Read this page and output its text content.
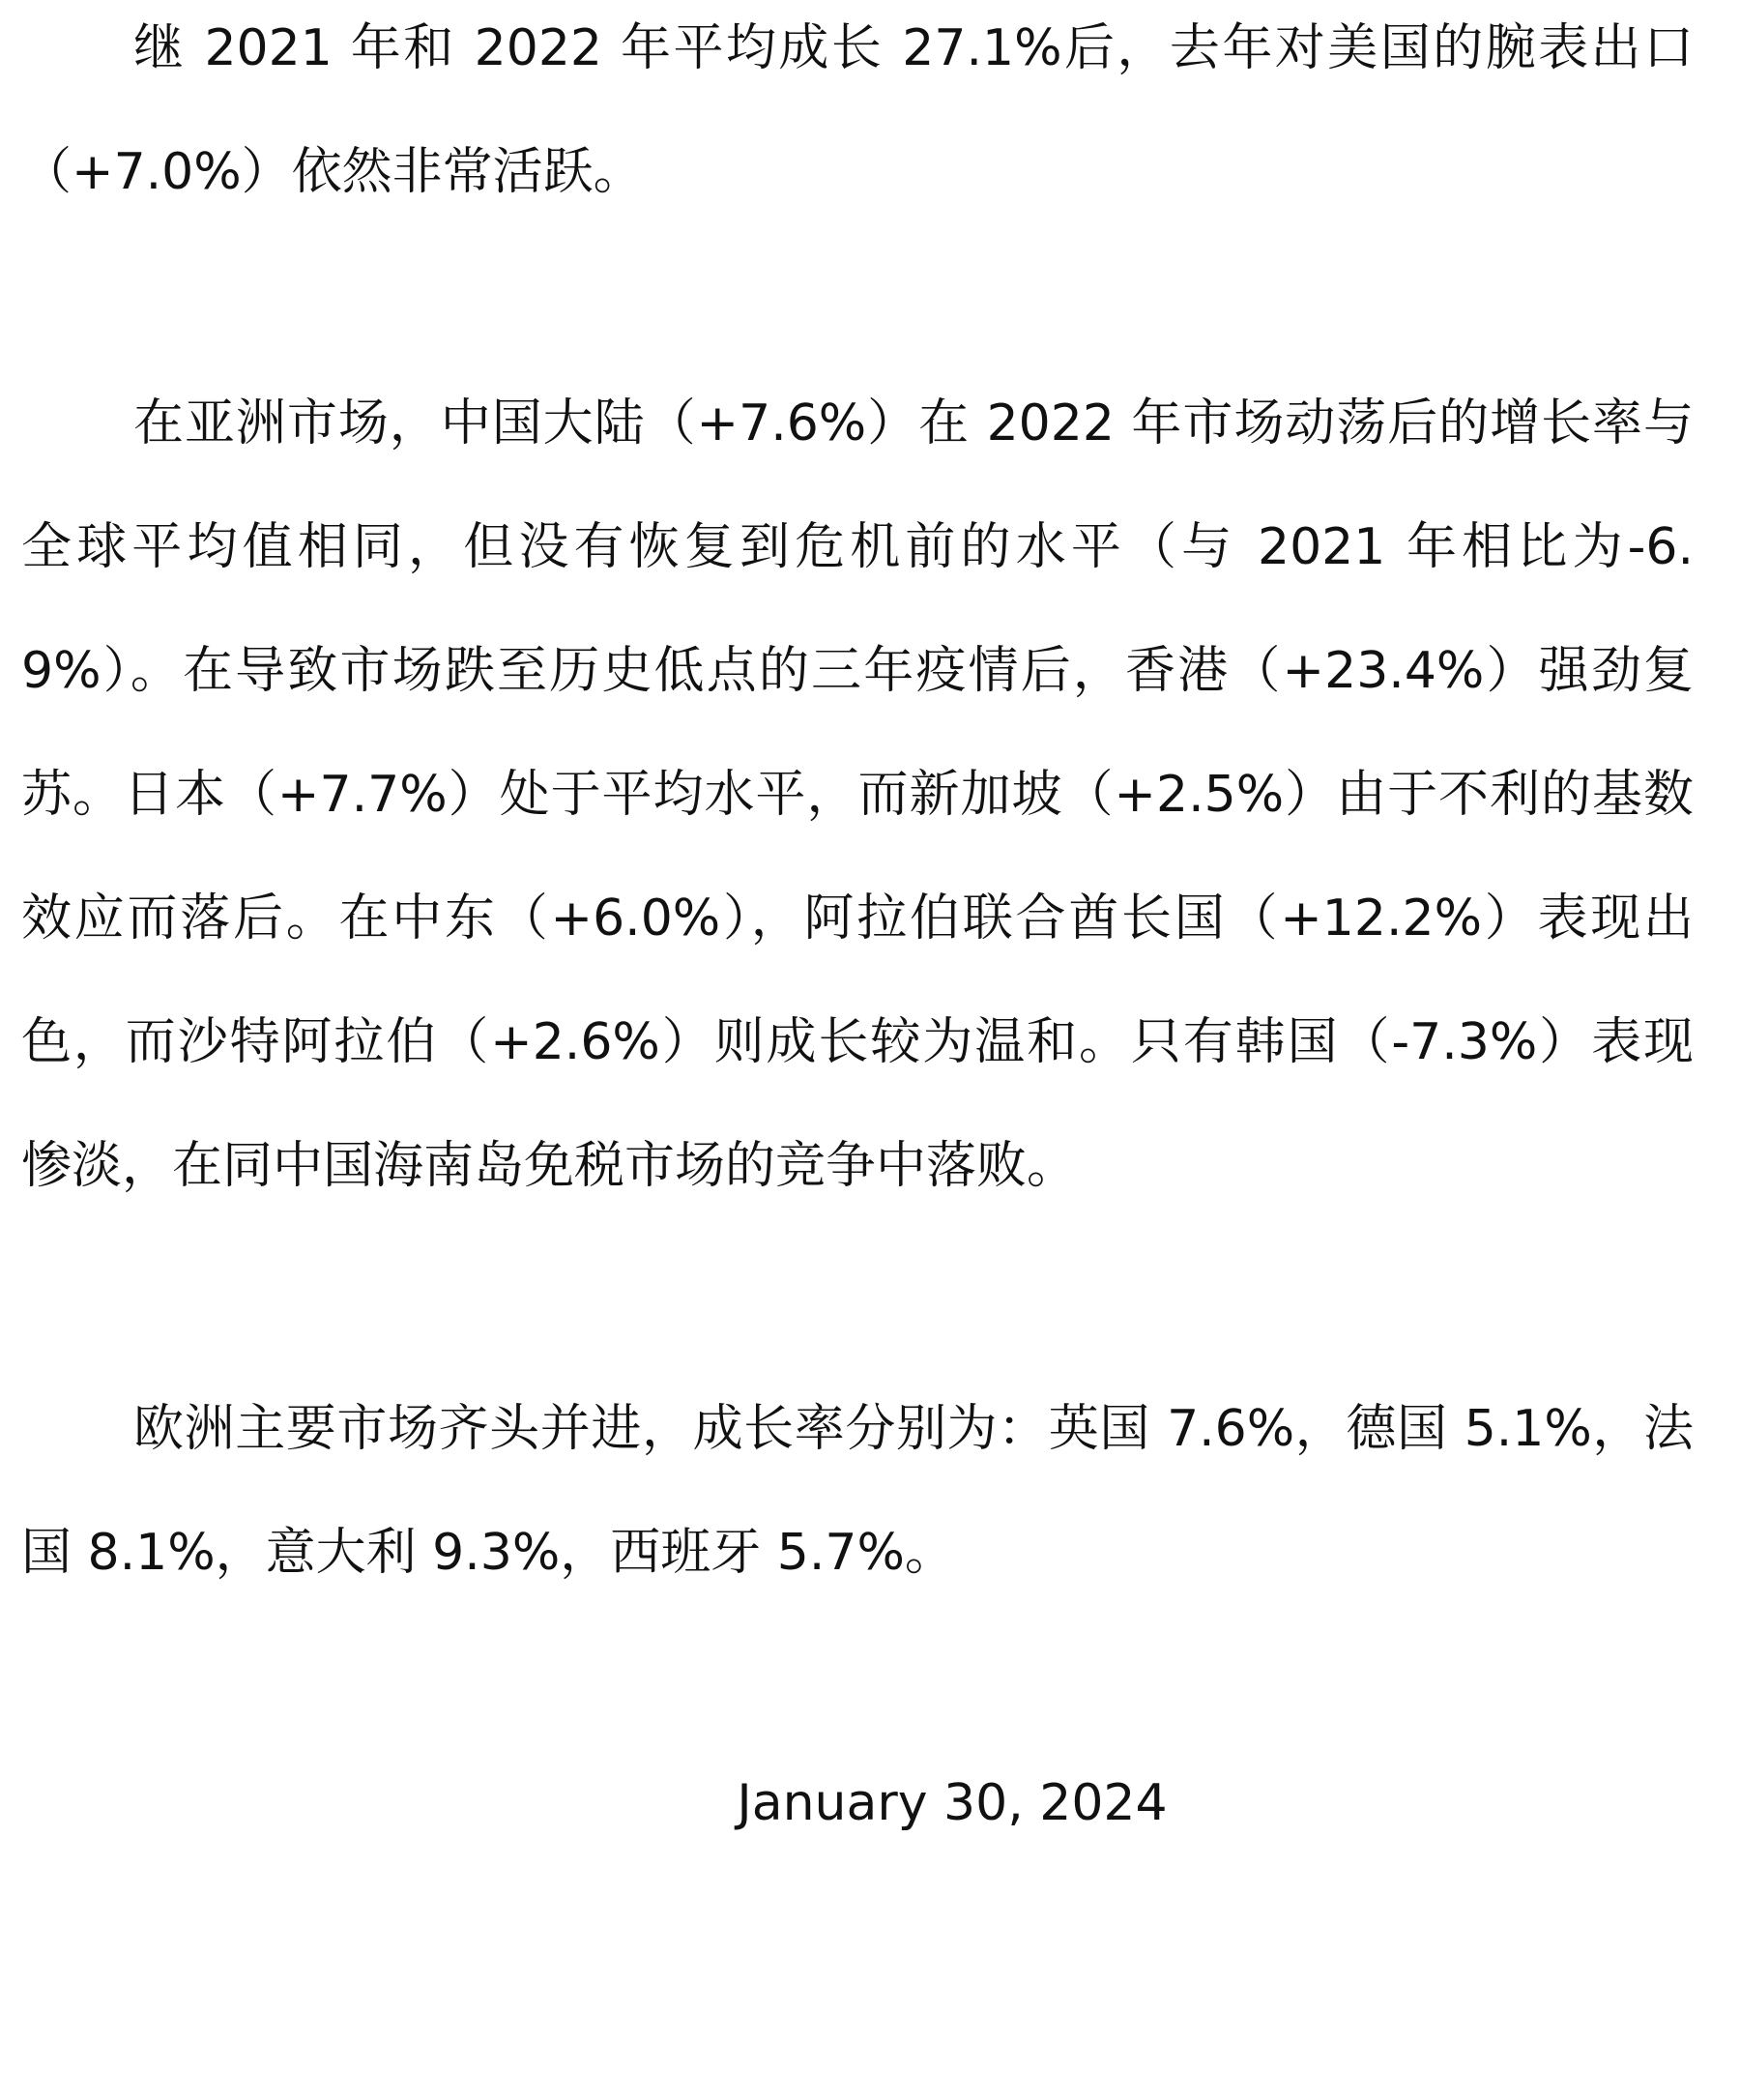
继 2021 年和 2022 年平均成长 27.1%后，去年对美国的腕表出口（+7.0%）依然非常活跃。

在亚洲市场，中国大陆（+7.6%）在 2022 年市场动荡后的增长率与全球平均值相同，但没有恢复到危机前的水平（与 2021 年相比为-6.9%）。在导致市场跌至历史低点的三年疫情后，香港（+23.4%）强劲复苏。日本（+7.7%）处于平均水平，而新加坡（+2.5%）由于不利的基数效应而落后。在中东（+6.0%），阿拉伯联合酋长国（+12.2%）表现出色，而沙特阿拉伯（+2.6%）则成长较为温和。只有韩国（-7.3%）表现惨淡，在同中国海南岛免税市场的竞争中落败。

欧洲主要市场齐头并进，成长率分别为：英国 7.6%，德国 5.1%，法国 8.1%，意大利 9.3%，西班牙 5.7%。

January 30, 2024
